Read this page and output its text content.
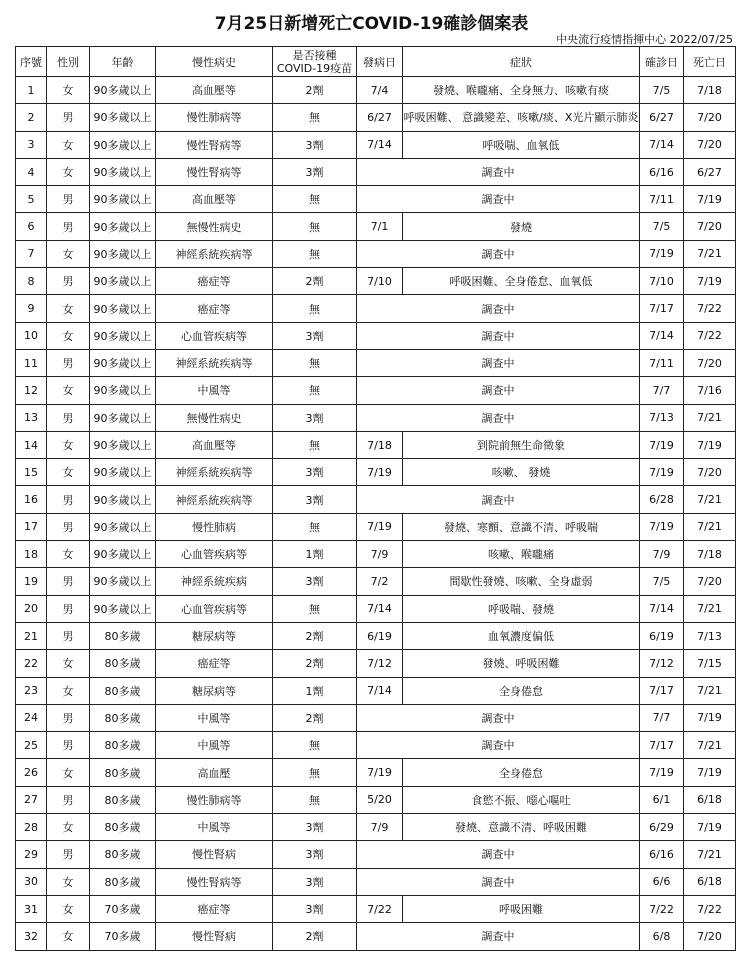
7月25日新增死亡COVID-19確診個案表
中央流行疫情指揮中心 2022/07/25
序號	性別	年齡	慢性病史	是否接種
COVID-19疫苗	發病日	症狀	確診日	死亡日
1	女	90多歲以上	高血壓等	2劑	7/4	發燒、喉嚨痛、全身無力、咳嗽有痰	7/5	7/18
2	男	90多歲以上	慢性肺病等	無	6/27	呼吸困難、 意識變差、咳嗽/痰、X光片顯示肺炎	6/27	7/20
3	女	90多歲以上	慢性腎病等	3劑	7/14	呼吸喘、血氧低	7/14	7/20
4	女	90多歲以上	慢性腎病等	3劑	調查中		6/16	6/27
5	男	90多歲以上	高血壓等	無	調查中		7/11	7/19
6	男	90多歲以上	無慢性病史	無	7/1	發燒	7/5	7/20
7	女	90多歲以上	神經系統疾病等	無	調查中		7/19	7/21
8	男	90多歲以上	癌症等	2劑	7/10	呼吸困難、全身倦怠、血氧低	7/10	7/19
9	女	90多歲以上	癌症等	無	調查中		7/17	7/22
10	女	90多歲以上	心血管疾病等	3劑	調查中		7/14	7/22
11	男	90多歲以上	神經系統疾病等	無	調查中		7/11	7/20
12	女	90多歲以上	中風等	無	調查中		7/7	7/16
13	男	90多歲以上	無慢性病史	3劑	調查中		7/13	7/21
14	女	90多歲以上	高血壓等	無	7/18	到院前無生命徵象	7/19	7/19
15	女	90多歲以上	神經系統疾病等	3劑	7/19	咳嗽、 發燒	7/19	7/20
16	男	90多歲以上	神經系統疾病等	3劑	調查中		6/28	7/21
17	男	90多歲以上	慢性肺病	無	7/19	發燒、寒顫、意識不清、呼吸喘	7/19	7/21
18	女	90多歲以上	心血管疾病等	1劑	7/9	咳嗽、喉嚨痛	7/9	7/18
19	男	90多歲以上	神經系統疾病	3劑	7/2	間歇性發燒、咳嗽、全身虛弱	7/5	7/20
20	男	90多歲以上	心血管疾病等	無	7/14	呼吸喘、發燒	7/14	7/21
21	男	80多歲	糖尿病等	2劑	6/19	血氧濃度偏低	6/19	7/13
22	女	80多歲	癌症等	2劑	7/12	發燒、呼吸困難	7/12	7/15
23	女	80多歲	糖尿病等	1劑	7/14	全身倦怠	7/17	7/21
24	男	80多歲	中風等	2劑	調查中		7/7	7/19
25	男	80多歲	中風等	無	調查中		7/17	7/21
26	女	80多歲	高血壓	無	7/19	全身倦怠	7/19	7/19
27	男	80多歲	慢性肺病等	無	5/20	食慾不振、噁心嘔吐	6/1	6/18
28	女	80多歲	中風等	3劑	7/9	發燒、意識不清、呼吸困難	6/29	7/19
29	男	80多歲	慢性腎病	3劑	調查中		6/16	7/21
30	女	80多歲	慢性腎病等	3劑	調查中		6/6	6/18
31	女	70多歲	癌症等	3劑	7/22	呼吸困難	7/22	7/22
32	女	70多歲	慢性腎病	2劑	調查中		6/8	7/20
